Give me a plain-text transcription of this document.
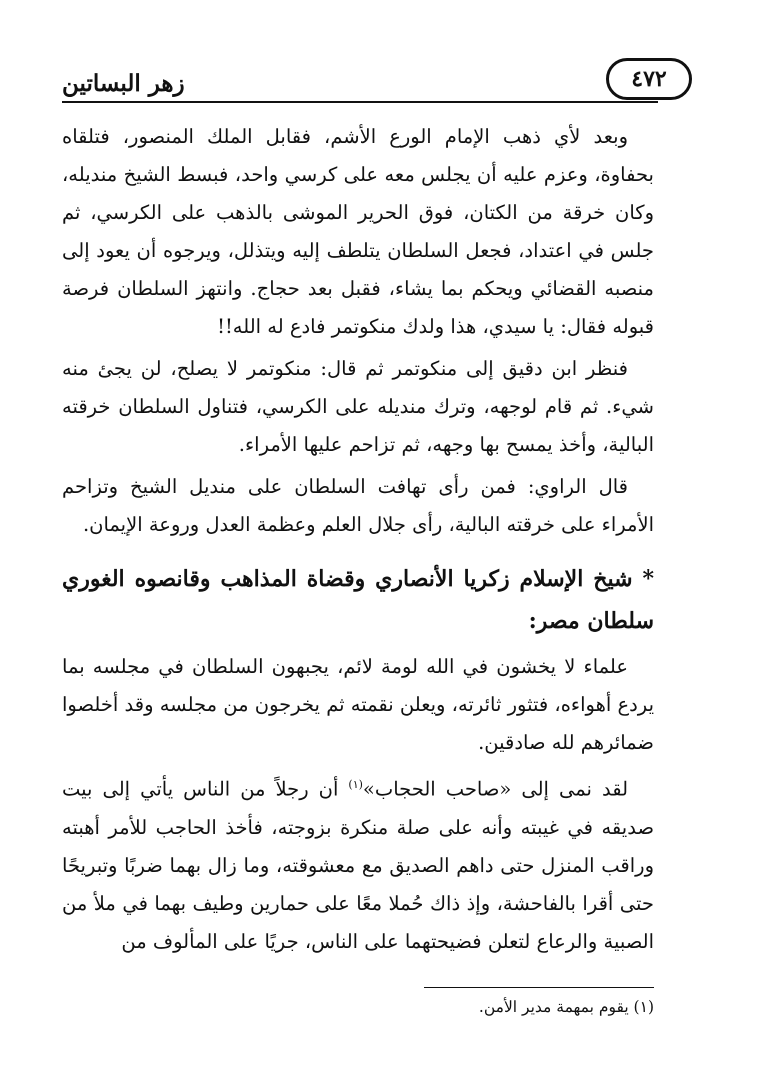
٤٧٢
زهر البساتين

وبعد لأي ذهب الإمام الورع الأشم، فقابل الملك المنصور، فتلقاه بحفاوة، وعزم عليه أن يجلس معه على كرسي واحد، فبسط الشيخ منديله، وكان خرقة من الكتان، فوق الحرير الموشى بالذهب على الكرسي، ثم جلس في اعتداد، فجعل السلطان يتلطف إليه ويتذلل، ويرجوه أن يعود إلى منصبه القضائي ويحكم بما يشاء، فقبل بعد حجاج. وانتهز السلطان فرصة قبوله فقال: يا سيدي، هذا ولدك منكوتمر فادع له الله!!

فنظر ابن دقيق إلى منكوتمر ثم قال: منكوتمر لا يصلح، لن يجئ منه شيء. ثم قام لوجهه، وترك منديله على الكرسي، فتناول السلطان خرقته البالية، وأخذ يمسح بها وجهه، ثم تزاحم عليها الأمراء.

قال الراوي: فمن رأى تهافت السلطان على منديل الشيخ وتزاحم الأمراء على خرقته البالية، رأى جلال العلم وعظمة العدل وروعة الإيمان.

* شيخ الإسلام زكريا الأنصاري وقضاة المذاهب وقانصوه الغوري سلطان مصر:

علماء لا يخشون في الله لومة لائم، يجبهون السلطان في مجلسه بما يردع أهواءه، فتثور ثائرته، ويعلن نقمته ثم يخرجون من مجلسه وقد أخلصوا ضمائرهم لله صادقين.

لقد نمى إلى «صاحب الحجاب»$^{(١)}$ أن رجلاً من الناس يأتي إلى بيت صديقه في غيبته وأنه على صلة منكرة بزوجته، فأخذ الحاجب للأمر أهبته وراقب المنزل حتى داهم الصديق مع معشوقته، وما زال بهما ضربًا وتبريحًا حتى أقرا بالفاحشة، وإذ ذاك حُملا معًا على حمارين وطيف بهما في ملأ من الصبية والرعاع لتعلن فضيحتهما على الناس، جريًا على المألوف من

(١) يقوم بمهمة مدير الأمن.
